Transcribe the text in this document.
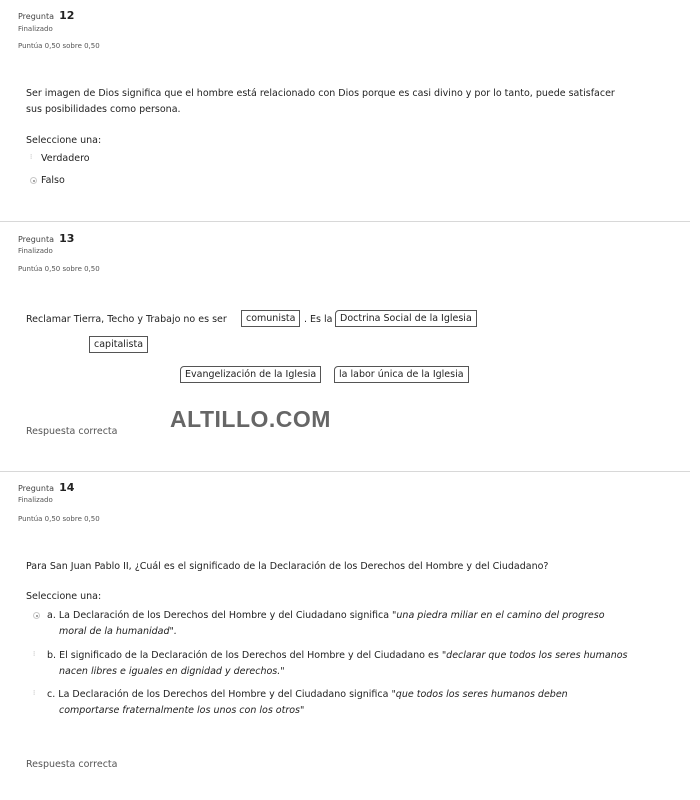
Pregunta 12
Finalizado
Puntúa 0,50 sobre 0,50
Ser imagen de Dios significa que el hombre está relacionado con Dios porque es casi divino y por lo tanto, puede satisfacer
sus posibilidades como persona.
Seleccione una:
⁞ Verdadero
Falso
Pregunta 13
Finalizado
Puntúa 0,50 sobre 0,50
Reclamar Tierra, Techo y Trabajo no es ser	comunista . Es la Doctrina Social de la Iglesia
capitalista
Evangelización de la Iglesia	la labor única de la Iglesia
Respuesta correcta ALTILLO.COM
Pregunta 14
Finalizado
Puntúa 0,50 sobre 0,50
Para San Juan Pablo II, ¿Cuál es el significado de la Declaración de los Derechos del Hombre y del Ciudadano?
Seleccione una:
a. La Declaración de los Derechos del Hombre y del Ciudadano significa "una piedra miliar en el camino del progreso
moral de la humanidad".
⁞ b. El significado de la Declaración de los Derechos del Hombre y del Ciudadano es "declarar que todos los seres humanos
nacen libres e iguales en dignidad y derechos."
⁞ c. La Declaración de los Derechos del Hombre y del Ciudadano significa "que todos los seres humanos deben
comportarse fraternalmente los unos con los otros"
Respuesta correcta
